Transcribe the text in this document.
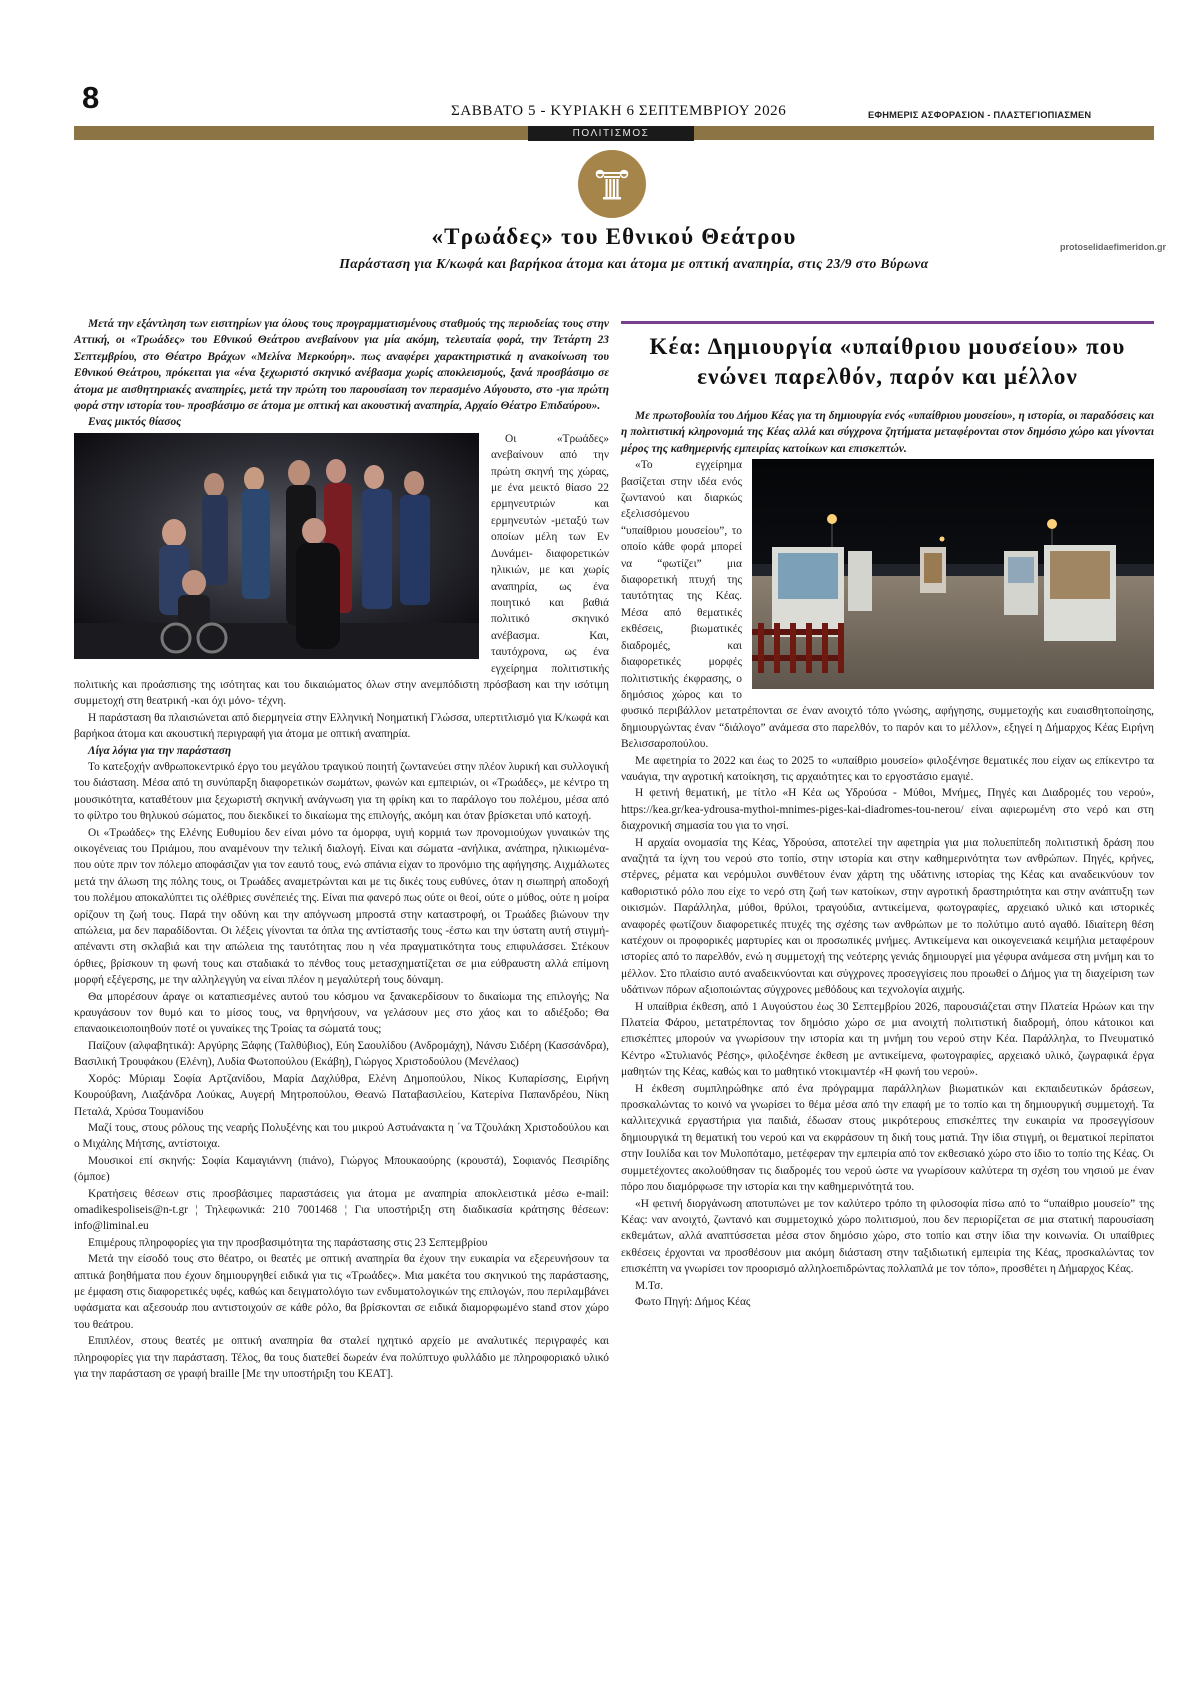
8	ΣΑΒΒΑΤΟ 5 - ΚΥΡΙΑΚΗ 6 ΣΕΠΤΕΜΒΡΙΟΥ 2026	ΕΦΗΜΕΡΙΣ ΑΣΦΟΡΑΣΙΟΝ - ΠΛΑΣΤΕΓΙΟΠΙΑΣΜΕΝ
ΠΟΛΙΤΙΣΜΟΣ
«Τρωάδες» του Εθνικού Θεάτρου
Παράσταση για Κ/κωφά και βαρήκοα άτομα και άτομα με οπτική αναπηρία, στις 23/9 στο Βύρωνα
protoselidaefimeridon.gr

Μετά την εξάντληση των εισιτηρίων για όλους τους προγραμματισμένους σταθμούς της περιοδείας τους στην Αττική, οι «Τρωάδες» του Εθνικού Θεάτρου ανεβαίνουν για μία ακόμη, τελευταία φορά, την Τετάρτη 23 Σεπτεμβρίου, στο Θέατρο Βράχων «Μελίνα Μερκούρη». πως αναφέρει χαρακτηριστικά η ανακοίνωση του Εθνικού Θεάτρου, πρόκειται για «ένα ξεχωριστό σκηνικό ανέβασμα χωρίς αποκλεισμούς, ξανά προσβάσιμο σε άτομα με αισθητηριακές αναπηρίες, μετά την πρώτη του παρουσίαση τον περασμένο Αύγουστο, στο -για πρώτη φορά στην ιστορία του- προσβάσιμο σε άτομα με οπτική και ακουστική αναπηρία, Αρχαίο Θέατρο Επιδαύρου».

Ενας μικτός θίασος

Οι «Τρωάδες» ανεβαίνουν από την πρώτη σκηνή της χώρας, με ένα μεικτό θίασο 22 ερμηνευτριών και ερμηνευτών -μεταξύ των οποίων μέλη των Εν Δυνάμει- διαφορετικών ηλικιών, με και χωρίς αναπηρία, ως ένα ποιητικό και βαθιά πολιτικό σκηνικό ανέβασμα. Και, ταυτόχρονα, ως ένα εγχείρημα πολιτιστικής πολιτικής και προάσπισης της ισότητας και του δικαιώματος όλων στην ανεμπόδιστη πρόσβαση και την ισότιμη συμμετοχή στη θεατρική -και όχι μόνο- τέχνη.

Η παράσταση θα πλαισιώνεται από διερμηνεία στην Ελληνική Νοηματική Γλώσσα, υπερτιτλισμό για Κ/κωφά και βαρήκοα άτομα και ακουστική περιγραφή για άτομα με οπτική αναπηρία.

Λίγα λόγια για την παράσταση

Το κατεξοχήν ανθρωποκεντρικό έργο του μεγάλου τραγικού ποιητή ζωντανεύει στην πλέον λυρική και συλλογική του διάσταση. Μέσα από τη συνύπαρξη διαφορετικών σωμάτων, φωνών και εμπειριών, οι «Τρωάδες», με κέντρο τη μουσικότητα, καταθέτουν μια ξεχωριστή σκηνική ανάγνωση για τη φρίκη και το παράλογο του πολέμου, μέσα από το φίλτρο του θηλυκού σώματος, που διεκδικεί το δικαίωμα της επιλογής, ακόμη και όταν βρίσκεται υπό κατοχή.

Οι «Τρωάδες» της Ελένης Ευθυμίου δεν είναι μόνο τα όμορφα, υγιή κορμιά των προνομιούχων γυναικών της οικογένειας του Πριάμου, που αναμένουν την τελική διαλογή. Είναι και σώματα -ανήλικα, ανάπηρα, ηλικιωμένα- που ούτε πριν τον πόλεμο αποφάσιζαν για τον εαυτό τους, ενώ σπάνια είχαν το προνόμιο της αφήγησης. Αιχμάλωτες μετά την άλωση της πόλης τους, οι Τρωάδες αναμετρώνται και με τις δικές τους ευθύνες, όταν η σιωπηρή αποδοχή του πολέμου αποκαλύπτει τις ολέθριες συνέπειές της. Είναι πια φανερό πως ούτε οι θεοί, ούτε ο μύθος, ούτε η μοίρα ορίζουν τη ζωή τους. Παρά την οδύνη και την απόγνωση μπροστά στην καταστροφή, οι Τρωάδες βιώνουν την απώλεια, μα δεν παραδίδονται. Οι λέξεις γίνονται τα όπλα της αντίστασής τους -έστω και την ύστατη αυτή στιγμή- απέναντι στη σκλαβιά και την απώλεια της ταυτότητας που η νέα πραγματικότητα τους επιφυλάσσει. Στέκουν όρθιες, βρίσκουν τη φωνή τους και σταδιακά το πένθος τους μετασχηματίζεται σε μια εύθραυστη αλλά επίμονη μορφή εξέγερσης, με την αλληλεγγύη να είναι πλέον η μεγαλύτερή τους δύναμη.

Θα μπορέσουν άραγε οι καταπιεσμένες αυτού του κόσμου να ξανακερδίσουν το δικαίωμα της επιλογής; Να κραυγάσουν τον θυμό και το μίσος τους, να θρηνήσουν, να γελάσουν μες στο χάος και το αδιέξοδο; Θα επαναοικειοποιηθούν ποτέ οι γυναίκες της Τροίας τα σώματά τους;

Παίζουν (αλφαβητικά): Αργύρης Ξάφης (Ταλθύβιος), Εύη Σαουλίδου (Ανδρομάχη), Νάνσυ Σιδέρη (Κασσάνδρα), Βασιλική Τρουφάκου (Ελένη), Λυδία Φωτοπούλου (Εκάβη), Γιώργος Χριστοδούλου (Μενέλαος)

Χορός: Μύριαμ Σοφία Αρτζανίδου, Μαρία Δαχλύθρα, Ελένη Δημοπούλου, Νίκος Κυπαρίσσης, Ειρήνη Κουρούβανη, Λιαξάνδρα Λούκας, Αυγερή Μητροπούλου, Θεανώ Παταβασιλείου, Κατερίνα Παπανδρέου, Νίκη Πεταλά, Χρύσα Τουμανίδου

Μαζί τους, στους ρόλους της νεαρής Πολυξένης και του μικρού Αστυάνακτα η ΄να Τζουλάκη Χριστοδούλου και ο Μιχάλης Μήτσης, αντίστοιχα.

Μουσικοί επί σκηνής: Σοφία Καμαγιάννη (πιάνο), Γιώργος Μπουκαούρης (κρουστά), Σοφιανός Πεσιρίδης (όμποε)

Κρατήσεις θέσεων στις προσβάσιμες παραστάσεις για άτομα με αναπηρία αποκλειστικά μέσω e-mail: omadikespoliseis@n-t.gr ¦ Τηλεφωνικά: 210 7001468 ¦ Για υποστήριξη στη διαδικασία κράτησης θέσεων: info@liminal.eu

Επιμέρους πληροφορίες για την προσβασιμότητα της παράστασης στις 23 Σεπτεμβρίου

Μετά την είσοδό τους στο θέατρο, οι θεατές με οπτική αναπηρία θα έχουν την ευκαιρία να εξερευνήσουν τα απτικά βοηθήματα που έχουν δημιουργηθεί ειδικά για τις «Τρωάδες». Μια μακέτα του σκηνικού της παράστασης, με έμφαση στις διαφορετικές υφές, καθώς και δειγματολόγιο των ενδυματολογικών της επιλογών, που περιλαμβάνει υφάσματα και αξεσουάρ που αντιστοιχούν σε κάθε ρόλο, θα βρίσκονται σε ειδικά διαμορφωμένο stand στον χώρο του θεάτρου.

Επιπλέον, στους θεατές με οπτική αναπηρία θα σταλεί ηχητικό αρχείο με αναλυτικές περιγραφές και πληροφορίες για την παράσταση. Τέλος, θα τους διατεθεί δωρεάν ένα πολύπτυχο φυλλάδιο με πληροφοριακό υλικό για την παράσταση σε γραφή braille [Με την υποστήριξη του ΚΕΑΤ].

Κέα: Δημιουργία «υπαίθριου μουσείου» που ενώνει παρελθόν, παρόν και μέλλον

Με πρωτοβουλία του Δήμου Κέας για τη δημιουργία ενός «υπαίθριου μουσείου», η ιστορία, οι παραδόσεις και η πολιτιστική κληρονομιά της Κέας αλλά και σύγχρονα ζητήματα μεταφέρονται στον δημόσιο χώρο και γίνονται μέρος της καθημερινής εμπειρίας κατοίκων και επισκεπτών.

«Το εγχείρημα βασίζεται στην ιδέα ενός ζωντανού και διαρκώς εξελισσόμενου “υπαίθριου μουσείου”, το οποίο κάθε φορά μπορεί να “φωτίζει” μια διαφορετική πτυχή της ταυτότητας της Κέας. Μέσα από θεματικές εκθέσεις, βιωματικές διαδρομές, και διαφορετικές μορφές πολιτιστικής έκφρασης, ο δημόσιος χώρος και το φυσικό περιβάλλον μετατρέπονται σε έναν ανοιχτό τόπο γνώσης, αφήγησης, συμμετοχής και ευαισθητοποίησης, δημιουργώντας έναν “διάλογο” ανάμεσα στο παρελθόν, το παρόν και το μέλλον», εξηγεί η Δήμαρχος Κέας Ειρήνη Βελισσαροπούλου.

Με αφετηρία το 2022 και έως το 2025 το «υπαίθριο μουσείο» φιλοξένησε θεματικές που είχαν ως επίκεντρο τα ναυάγια, την αγροτική κατοίκηση, τις αρχαιότητες και το εργοστάσιο εμαγιέ.

Η φετινή θεματική, με τίτλο «Η Κέα ως Υδρούσα - Μύθοι, Μνήμες, Πηγές και Διαδρομές του νερού», https://kea.gr/kea-ydrousa-mythoi-mnimes-piges-kai-diadromes-tou-nerou/ είναι αφιερωμένη στο νερό και στη διαχρονική σημασία του για το νησί.

Η αρχαία ονομασία της Κέας, Υδρούσα, αποτελεί την αφετηρία για μια πολυεπίπεδη πολιτιστική δράση που αναζητά τα ίχνη του νερού στο τοπίο, στην ιστορία και στην καθημερινότητα των ανθρώπων. Πηγές, κρήνες, στέρνες, ρέματα και νερόμυλοι συνθέτουν έναν χάρτη της υδάτινης ιστορίας της Κέας και αναδεικνύουν τον καθοριστικό ρόλο που είχε το νερό στη ζωή των κατοίκων, στην αγροτική δραστηριότητα και στην ανάπτυξη των οικισμών. Παράλληλα, μύθοι, θρύλοι, τραγούδια, αντικείμενα, φωτογραφίες, αρχειακό υλικό και ιστορικές αναφορές φωτίζουν διαφορετικές πτυχές της σχέσης των ανθρώπων με το πολύτιμο αυτό αγαθό. Ιδιαίτερη θέση κατέχουν οι προφορικές μαρτυρίες και οι προσωπικές μνήμες. Αντικείμενα και οικογενειακά κειμήλια μεταφέρουν ιστορίες από το παρελθόν, ενώ η συμμετοχή της νεότερης γενιάς δημιουργεί μια γέφυρα ανάμεσα στη μνήμη και το μέλλον. Στο πλαίσιο αυτό αναδεικνύονται και σύγχρονες προσεγγίσεις που προωθεί ο Δήμος για τη διαχείριση των υδάτινων πόρων αξιοποιώντας σύγχρονες μεθόδους και τεχνολογία αιχμής.

Η υπαίθρια έκθεση, από 1 Αυγούστου έως 30 Σεπτεμβρίου 2026, παρουσιάζεται στην Πλατεία Ηρώων και την Πλατεία Φάρου, μετατρέποντας τον δημόσιο χώρο σε μια ανοιχτή πολιτιστική διαδρομή, όπου κάτοικοι και επισκέπτες μπορούν να γνωρίσουν την ιστορία και τη μνήμη του νερού στην Κέα. Παράλληλα, το Πνευματικό Κέντρο «Στυλιανός Ρέσης», φιλοξένησε έκθεση με αντικείμενα, φωτογραφίες, αρχειακό υλικό, ζωγραφικά έργα μαθητών της Κέας, καθώς και το μαθητικό ντοκιμαντέρ «Η φωνή του νερού».

Η έκθεση συμπληρώθηκε από ένα πρόγραμμα παράλληλων βιωματικών και εκπαιδευτικών δράσεων, προσκαλώντας το κοινό να γνωρίσει το θέμα μέσα από την επαφή με το τοπίο και τη δημιουργική συμμετοχή. Τα καλλιτεχνικά εργαστήρια για παιδιά, έδωσαν στους μικρότερους επισκέπτες την ευκαιρία να προσεγγίσουν δημιουργικά τη θεματική του νερού και να εκφράσουν τη δική τους ματιά. Την ίδια στιγμή, οι θεματικοί περίπατοι στην Ιουλίδα και τον Μυλοπόταμο, μετέφεραν την εμπειρία από τον εκθεσιακό χώρο στο ίδιο το τοπίο της Κέας. Οι συμμετέχοντες ακολούθησαν τις διαδρομές του νερού ώστε να γνωρίσουν καλύτερα τη σχέση του νησιού με έναν πόρο που διαμόρφωσε την ιστορία και την καθημερινότητά του.

«Η φετινή διοργάνωση αποτυπώνει με τον καλύτερο τρόπο τη φιλοσοφία πίσω από το “υπαίθριο μουσείο” της Κέας: ναν ανοιχτό, ζωντανό και συμμετοχικό χώρο πολιτισμού, που δεν περιορίζεται σε μια στατική παρουσίαση εκθεμάτων, αλλά αναπτύσσεται μέσα στον δημόσιο χώρο, στο τοπίο και στην ίδια την κοινωνία. Οι υπαίθριες εκθέσεις έρχονται να προσθέσουν μια ακόμη διάσταση στην ταξιδιωτική εμπειρία της Κέας, προσκαλώντας τον επισκέπτη να γνωρίσει τον προορισμό αλληλοεπιδρώντας πολλαπλά με τον τόπο», προσθέτει η Δήμαρχος Κέας.

Μ.Τσ.

Φωτο Πηγή: Δήμος Κέας
